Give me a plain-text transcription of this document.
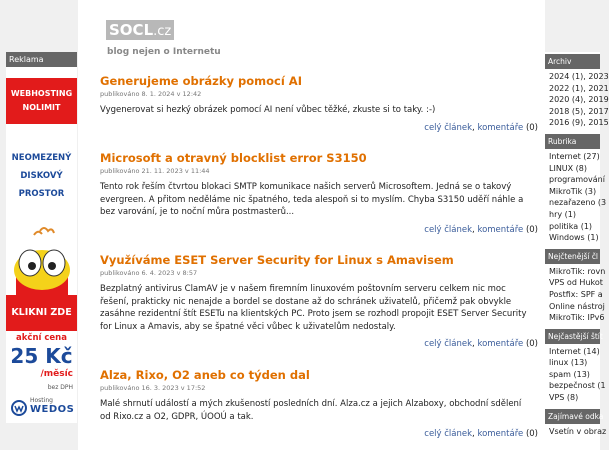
Reklama
WEBHOSTING
NOLIMIT
NEOMEZENÝ
DISKOVÝ
PROSTOR
KLIKNI ZDE
akční cena
25 Kč
/měsíc
bez DPH
Hosting
WEDOS
SOCL.cz
blog nejen o Internetu
Generujeme obrázky pomocí AI
publikováno 8. 1. 2024 v 12:42
Vygenerovat si hezký obrázek pomocí AI není vůbec těžké, zkuste si to taky. :-)
celý článek, komentáře (0)
Microsoft a otravný blocklist error S3150
publikováno 21. 11. 2023 v 11:44
Tento rok řeším čtvrtou blokaci SMTP komunikace našich serverů Microsoftem. Jedná se o takový
evergreen. A přitom neděláme nic špatného, teda alespoň si to myslím. Chyba S3150 uděří náhle a
bez varování, je to noční můra postmasterů...
celý článek, komentáře (0)
Využíváme ESET Server Security for Linux s Amavisem
publikováno 6. 4. 2023 v 8:57
Bezplatný antivirus ClamAV je v našem firemním linuxovém poštovním serveru celkem nic moc
řešení, prakticky nic nenajde a bordel se dostane až do schránek uživatelů, přičemž pak obvykle
zasáhne rezidentní štít ESETu na klientských PC. Proto jsem se rozhodl propojit ESET Server Security
for Linux a Amavis, aby se špatné věci vůbec k uživatelům nedostaly.
celý článek, komentáře (0)
Alza, Rixo, O2 aneb co týden dal
publikováno 16. 3. 2023 v 17:52
Malé shrnutí událostí a mých zkušeností posledních dní. Alza.cz a jejich Alzaboxy, obchodní sdělení
od Rixo.cz a O2, GDPR, ÚOOÚ a tak.
celý článek, komentáře (0)
Archiv
2024 (1), 2023
2022 (1), 2021
2020 (4), 2019
2018 (5), 2017
2016 (9), 2015
Rubrika
Internet (27)
LINUX (8)
programování
MikroTik (3)
nezařazeno (3
hry (1)
politika (1)
Windows (1)
Nejčtenější čl
MikroTik: rovn
VPS od Hukot
Postfix: SPF a
Online nástroj
MikroTik: IPv6
Nejčastější štít
Internet (14)
linux (13)
spam (13)
bezpečnost (1
VPS (8)
Zajímavé odka
Vsetín v obraz
